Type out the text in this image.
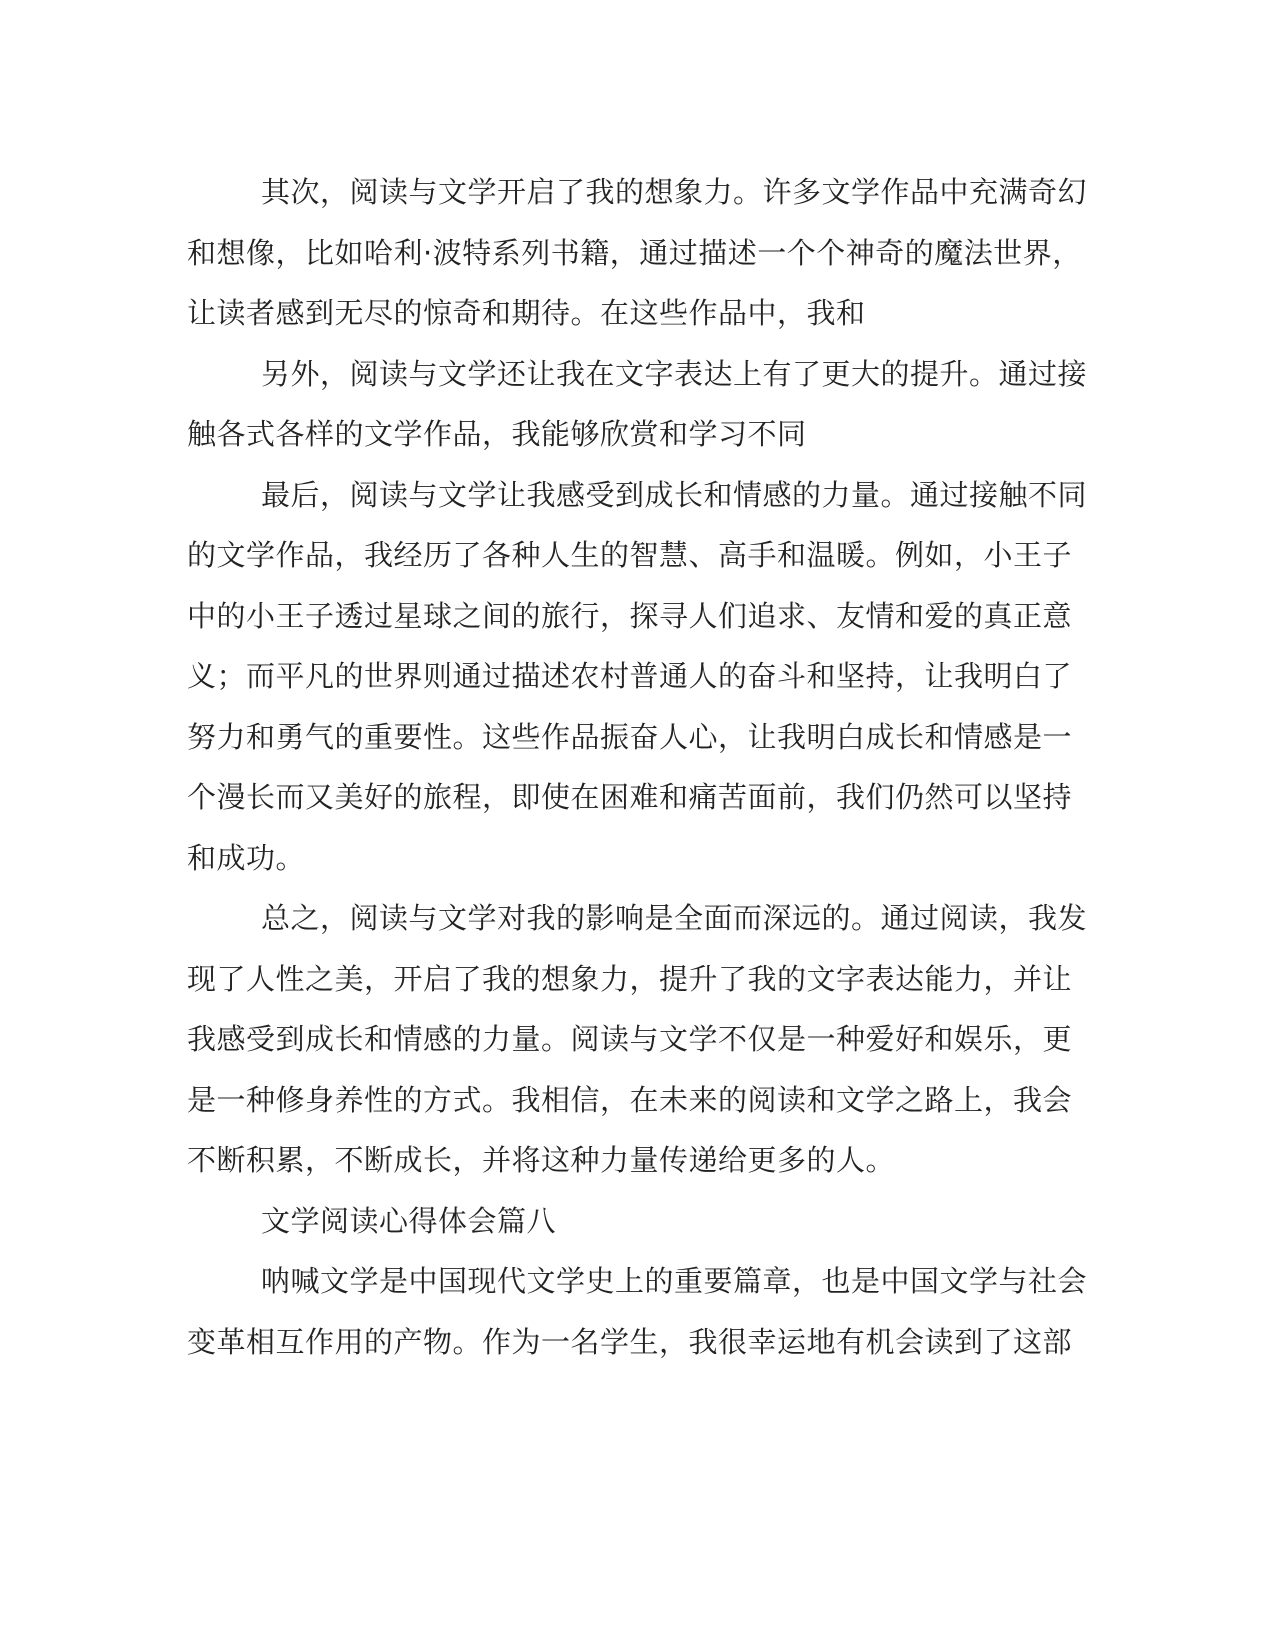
其次，阅读与文学开启了我的想象力。许多文学作品中充满奇幻
和想像，比如哈利·波特系列书籍，通过描述一个个神奇的魔法世界，
让读者感到无尽的惊奇和期待。在这些作品中，我和
另外，阅读与文学还让我在文字表达上有了更大的提升。通过接
触各式各样的文学作品，我能够欣赏和学习不同
最后，阅读与文学让我感受到成长和情感的力量。通过接触不同
的文学作品，我经历了各种人生的智慧、高手和温暖。例如，小王子
中的小王子透过星球之间的旅行，探寻人们追求、友情和爱的真正意
义；而平凡的世界则通过描述农村普通人的奋斗和坚持，让我明白了
努力和勇气的重要性。这些作品振奋人心，让我明白成长和情感是一
个漫长而又美好的旅程，即使在困难和痛苦面前，我们仍然可以坚持
和成功。
总之，阅读与文学对我的影响是全面而深远的。通过阅读，我发
现了人性之美，开启了我的想象力，提升了我的文字表达能力，并让
我感受到成长和情感的力量。阅读与文学不仅是一种爱好和娱乐，更
是一种修身养性的方式。我相信，在未来的阅读和文学之路上，我会
不断积累，不断成长，并将这种力量传递给更多的人。
文学阅读心得体会篇八
呐喊文学是中国现代文学史上的重要篇章，也是中国文学与社会
变革相互作用的产物。作为一名学生，我很幸运地有机会读到了这部
